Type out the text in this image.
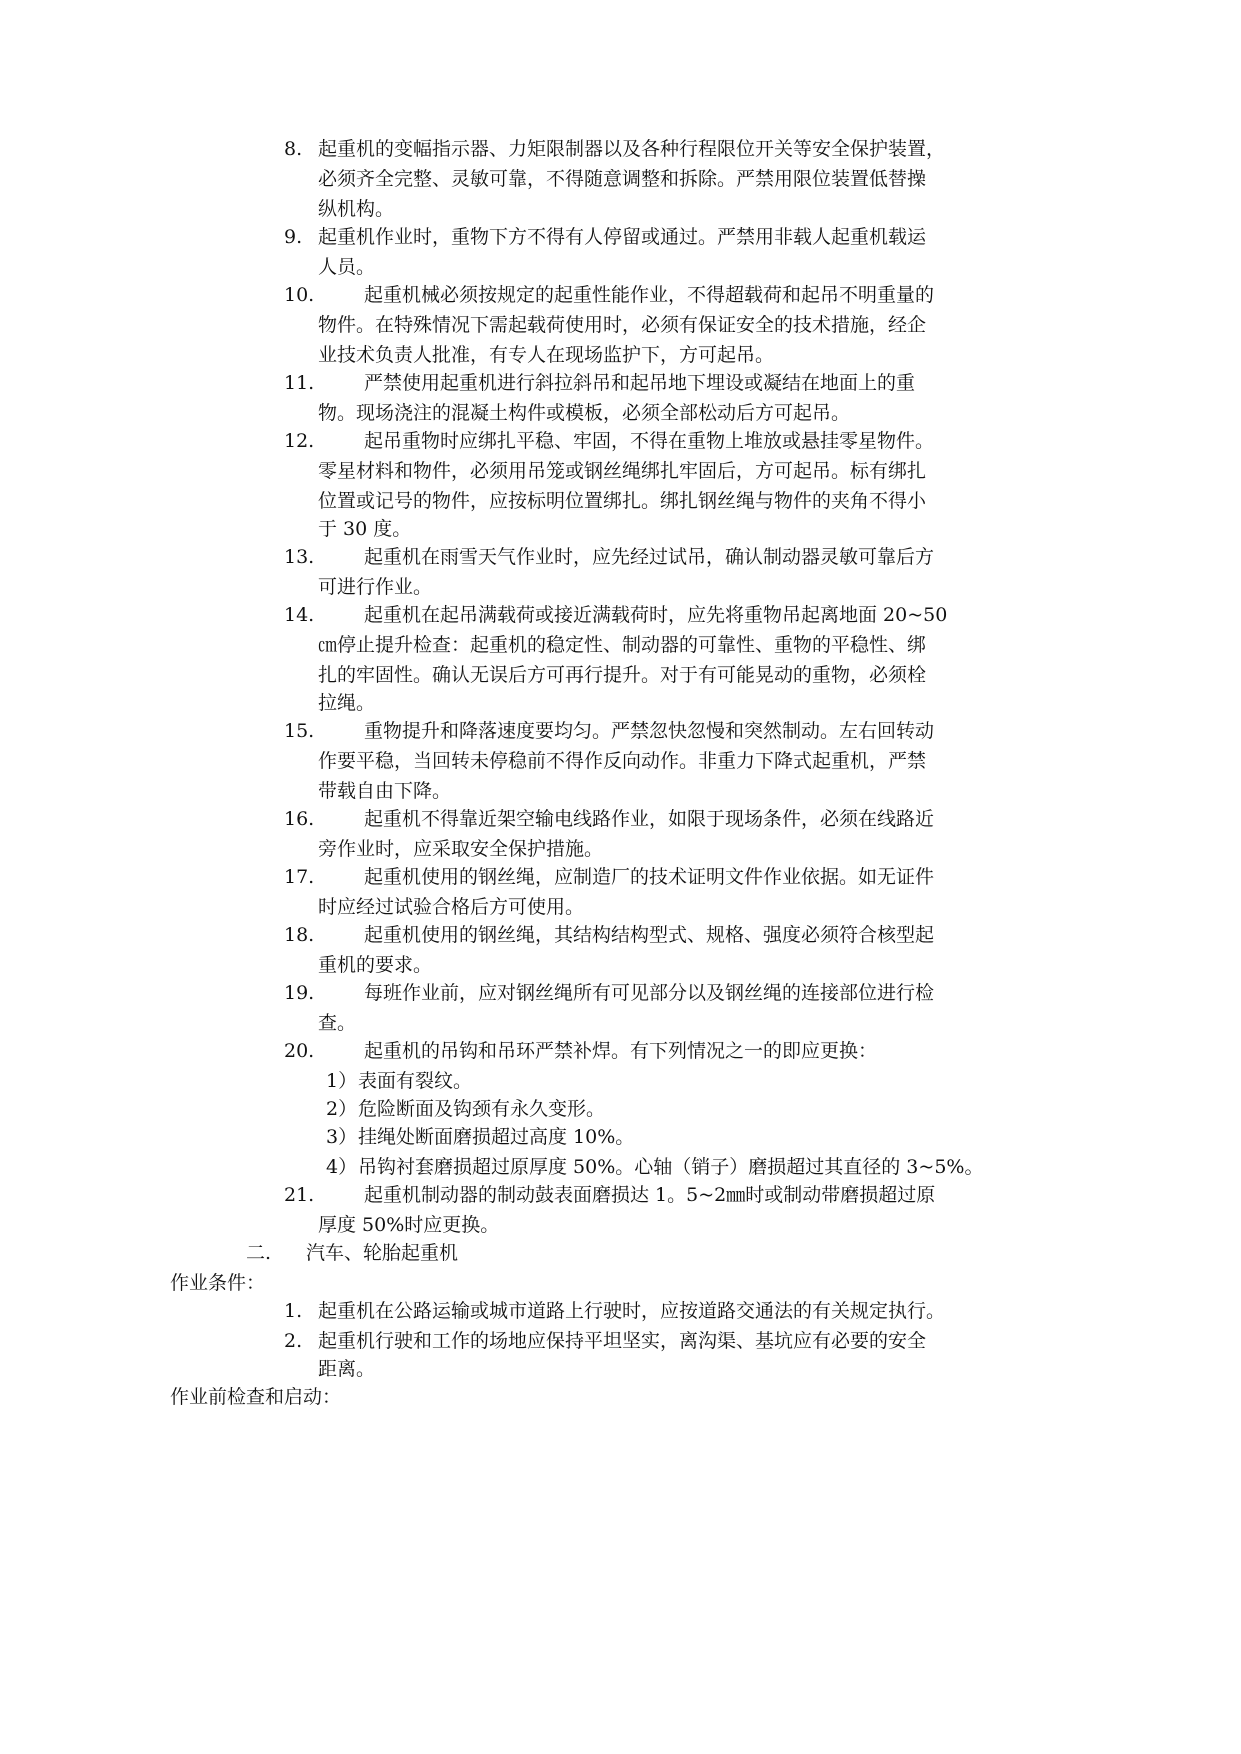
8. 起重机的变幅指示器、力矩限制器以及各种行程限位开关等安全保护装置，
必须齐全完整、灵敏可靠，不得随意调整和拆除。严禁用限位装置低替操
纵机构。
9. 起重机作业时，重物下方不得有人停留或通过。严禁用非载人起重机载运
人员。
10.	起重机械必须按规定的起重性能作业，不得超载荷和起吊不明重量的
物件。在特殊情况下需起载荷使用时，必须有保证安全的技术措施，经企
业技术负责人批准，有专人在现场监护下，方可起吊。
11.	严禁使用起重机进行斜拉斜吊和起吊地下埋设或凝结在地面上的重
物。现场浇注的混凝土构件或模板，必须全部松动后方可起吊。
12.	起吊重物时应绑扎平稳、牢固，不得在重物上堆放或悬挂零星物件。
零星材料和物件，必须用吊笼或钢丝绳绑扎牢固后，方可起吊。标有绑扎
位置或记号的物件，应按标明位置绑扎。绑扎钢丝绳与物件的夹角不得小
于 30 度。
13.	起重机在雨雪天气作业时，应先经过试吊，确认制动器灵敏可靠后方
可进行作业。
14.	起重机在起吊满载荷或接近满载荷时，应先将重物吊起离地面 20~50
㎝停止提升检查：起重机的稳定性、制动器的可靠性、重物的平稳性、绑
扎的牢固性。确认无误后方可再行提升。对于有可能晃动的重物，必须栓
拉绳。
15.	重物提升和降落速度要均匀。严禁忽快忽慢和突然制动。左右回转动
作要平稳，当回转未停稳前不得作反向动作。非重力下降式起重机，严禁
带载自由下降。
16.	起重机不得靠近架空输电线路作业，如限于现场条件，必须在线路近
旁作业时，应采取安全保护措施。
17.	起重机使用的钢丝绳，应制造厂的技术证明文件作业依据。如无证件
时应经过试验合格后方可使用。
18.	起重机使用的钢丝绳，其结构结构型式、规格、强度必须符合核型起
重机的要求。
19.	每班作业前，应对钢丝绳所有可见部分以及钢丝绳的连接部位进行检
查。
20.	起重机的吊钩和吊环严禁补焊。有下列情况之一的即应更换：
1） 表面有裂纹。
2） 危险断面及钩颈有永久变形。
3） 挂绳处断面磨损超过高度 10%。
4） 吊钩衬套磨损超过原厚度 50%。心轴（销子）磨损超过其直径的 3~5%。
21.	起重机制动器的制动鼓表面磨损达 1。5~2㎜时或制动带磨损超过原
厚度 50%时应更换。
二. 汽车、轮胎起重机
作业条件：
1. 起重机在公路运输或城市道路上行驶时，应按道路交通法的有关规定执行。
2. 起重机行驶和工作的场地应保持平坦坚实，离沟渠、基坑应有必要的安全
距离。
作业前检查和启动：
